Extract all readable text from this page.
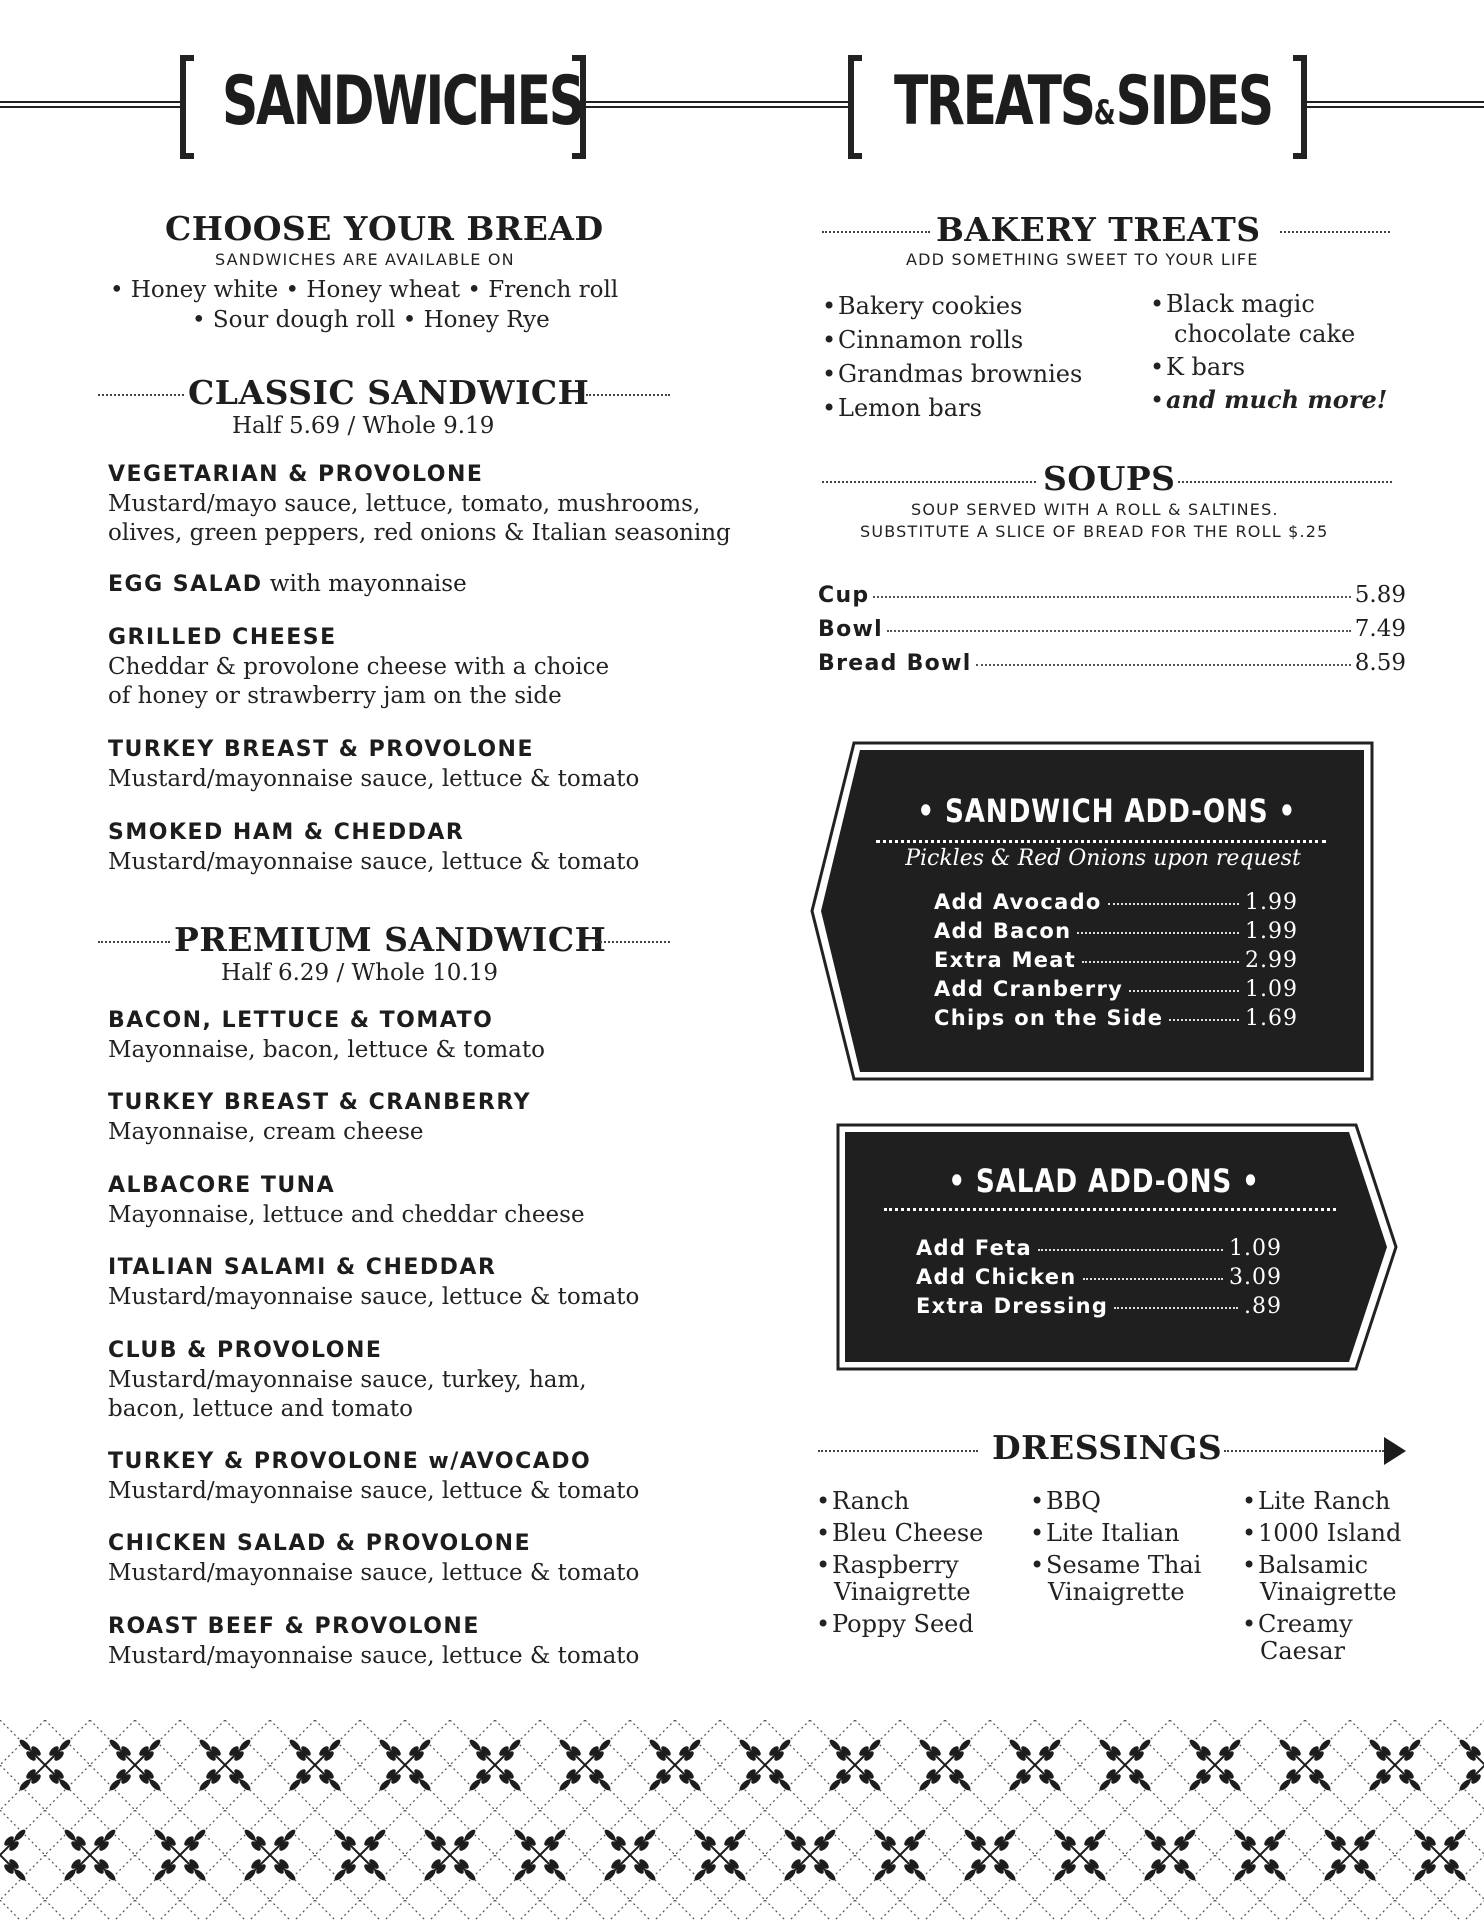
SANDWICHES	TREATS&SIDES
CHOOSE YOUR BREAD
SANDWICHES ARE AVAILABLE ON
• Honey white • Honey wheat • French roll
• Sour dough roll • Honey Rye
CLASSIC SANDWICH
Half 5.69 / Whole 9.19
VEGETARIAN & PROVOLONE
Mustard/mayo sauce, lettuce, tomato, mushrooms,
olives, green peppers, red onions & Italian seasoning
EGG SALAD with mayonnaise
GRILLED CHEESE
Cheddar & provolone cheese with a choice
of honey or strawberry jam on the side
TURKEY BREAST & PROVOLONE
Mustard/mayonnaise sauce, lettuce & tomato
SMOKED HAM & CHEDDAR
Mustard/mayonnaise sauce, lettuce & tomato
PREMIUM SANDWICH
Half 6.29 / Whole 10.19
BACON, LETTUCE & TOMATO
Mayonnaise, bacon, lettuce & tomato
TURKEY BREAST & CRANBERRY
Mayonnaise, cream cheese
ALBACORE TUNA
Mayonnaise, lettuce and cheddar cheese
ITALIAN SALAMI & CHEDDAR
Mustard/mayonnaise sauce, lettuce & tomato
CLUB & PROVOLONE
Mustard/mayonnaise sauce, turkey, ham,
bacon, lettuce and tomato
TURKEY & PROVOLONE w/AVOCADO
Mustard/mayonnaise sauce, lettuce & tomato
CHICKEN SALAD & PROVOLONE
Mustard/mayonnaise sauce, lettuce & tomato
ROAST BEEF & PROVOLONE
Mustard/mayonnaise sauce, lettuce & tomato
BAKERY TREATS
ADD SOMETHING SWEET TO YOUR LIFE
•Bakery cookies
•Cinnamon rolls
•Grandmas brownies
•Lemon bars
•Black magic
chocolate cake
•K bars
•and much more!
SOUPS
SOUP SERVED WITH A ROLL & SALTINES.
SUBSTITUTE A SLICE OF BREAD FOR THE ROLL $.25
Cup	5.89
Bowl	7.49
Bread Bowl	8.59
• SANDWICH ADD-ONS •
Pickles & Red Onions upon request
Add Avocado	1.99
Add Bacon	1.99
Extra Meat	2.99
Add Cranberry	1.09
Chips on the Side	1.69
• SALAD ADD-ONS •
Add Feta	1.09
Add Chicken	3.09
Extra Dressing	.89
DRESSINGS
•Ranch
•Bleu Cheese
•Raspberry
Vinaigrette
•Poppy Seed
•BBQ
•Lite Italian
•Sesame Thai
Vinaigrette
•Lite Ranch
•1000 Island
•Balsamic
Vinaigrette
•Creamy
Caesar
